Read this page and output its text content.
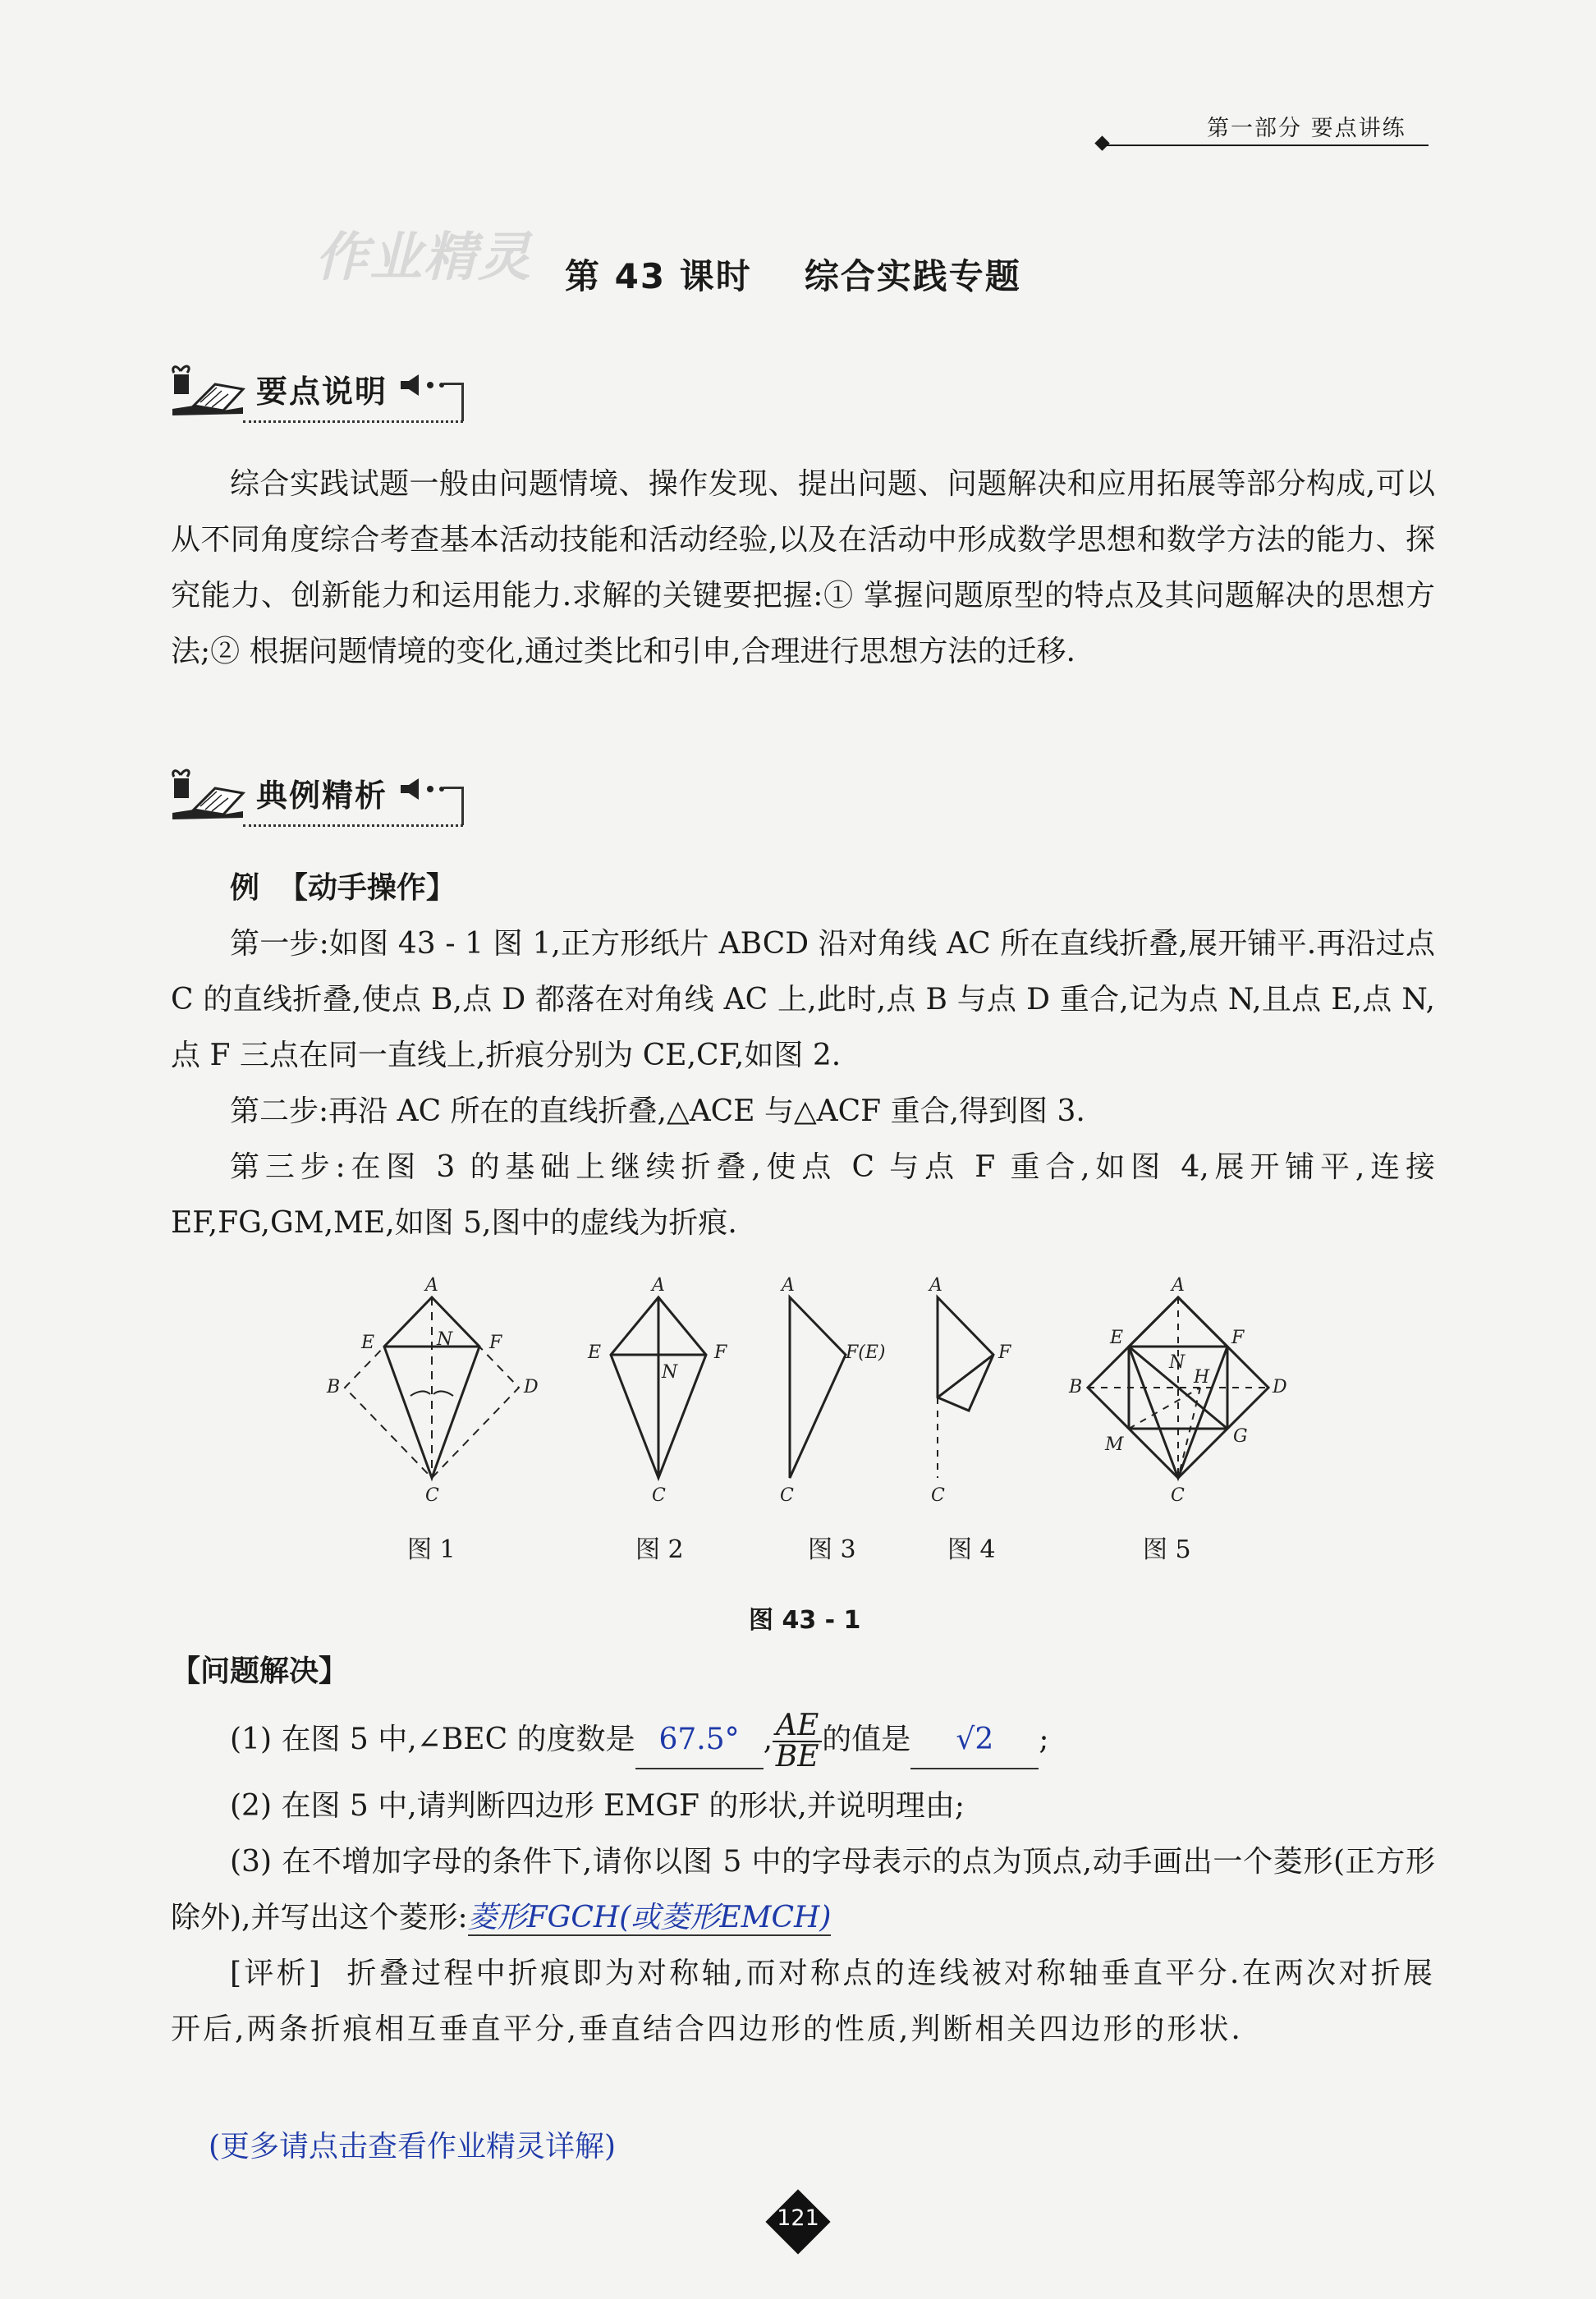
第一部分 要点讲练
作业精灵 第 43 课时 综合实践专题
要点说明

综合实践试题一般由问题情境、操作发现、提出问题、问题解决和应用拓展等部分构成,可以从不同角度综合考查基本活动技能和活动经验,以及在活动中形成数学思想和数学方法的能力、探究能力、创新能力和运用能力.求解的关键要把握:① 掌握问题原型的特点及其问题解决的思想方法;② 根据问题情境的变化,通过类比和引申,合理进行思想方法的迁移.

典例精析

例 【动手操作】

第一步:如图 43 - 1 图 1,正方形纸片 ABCD 沿对角线 AC 所在直线折叠,展开铺平.再沿过点 C 的直线折叠,使点 B,点 D 都落在对角线 AC 上,此时,点 B 与点 D 重合,记为点 N,且点 E,点 N,点 F 三点在同一直线上,折痕分别为 CE,CF,如图 2.

第二步:再沿 AC 所在的直线折叠,△ACE 与△ACF 重合,得到图 3.

第三步:在图 3 的基础上继续折叠,使点 C 与点 F 重合,如图 4,展开铺平,连接 EF,FG,GM,ME,如图 5,图中的虚线为折痕.

A
E	N F
B	D
C
A
E
N
F
C
A
F(E)
C
A
F
C
A
E
N
F
B	D
H
M	G
C
图 1	图 2	图 3	图 4	图 5
图 43 - 1

【问题解决】

(1) 在图 5 中,∠BEC 的度数是 67.5° , $\frac{AE}{BE}$ 的值是 √2 ;

(2) 在图 5 中,请判断四边形 EMGF 的形状,并说明理由;

(3) 在不增加字母的条件下,请你以图 5 中的字母表示的点为顶点,动手画出一个菱形(正方形除外),并写出这个菱形:菱形FGCH(或菱形EMCH)

[评析] 折叠过程中折痕即为对称轴,而对称点的连线被对称轴垂直平分.在两次对折展开后,两条折痕相互垂直平分,垂直结合四边形的性质,判断相关四边形的形状.

(更多请点击查看作业精灵详解)
121
